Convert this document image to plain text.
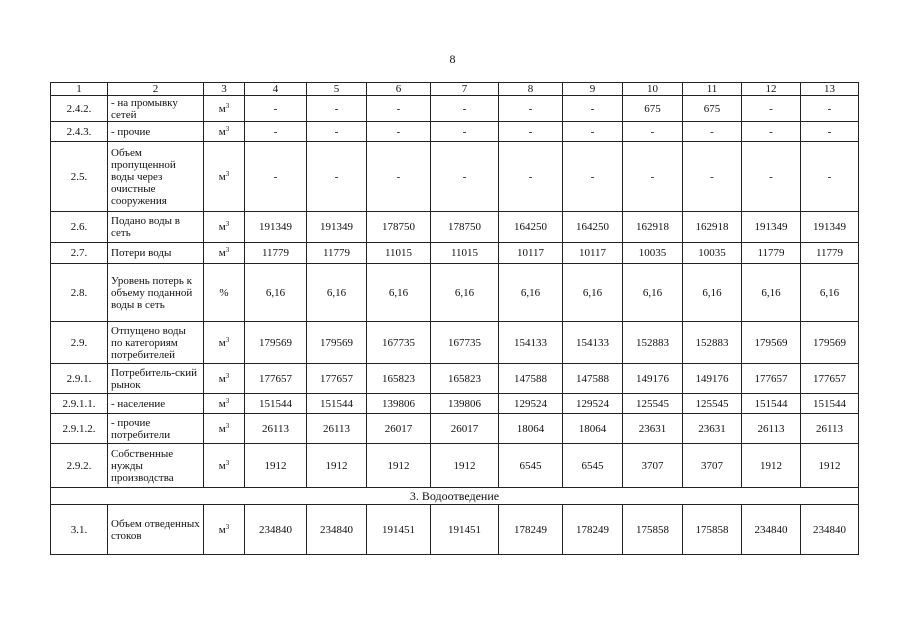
8
1	2	3	4	5	6	7	8	9	10	11	12	13
2.4.2.	- на промывку сетей	$м^3$	-	-	-	-	-	-	675	675	-	-
2.4.3.	- прочие	$м^3$	-	-	-	-	-	-	-	-	-	-
2.5.	Объем пропущенной воды через очистные сооружения	$м^3$	-	-	-	-	-	-	-	-	-	-
2.6.	Подано воды в сеть	$м^3$	191349	191349	178750	178750	164250	164250	162918	162918	191349	191349
2.7.	Потери воды	$м^3$	11779	11779	11015	11015	10117	10117	10035	10035	11779	11779
2.8.	Уровень потерь к объему поданной воды в сеть	%	6,16	6,16	6,16	6,16	6,16	6,16	6,16	6,16	6,16	6,16
2.9.	Отпущено воды по категориям потребителей	$м^3$	179569	179569	167735	167735	154133	154133	152883	152883	179569	179569
2.9.1.	Потребитель-ский рынок	$м^3$	177657	177657	165823	165823	147588	147588	149176	149176	177657	177657
2.9.1.1.	- население	$м^3$	151544	151544	139806	139806	129524	129524	125545	125545	151544	151544
2.9.1.2.	- прочие потребители	$м^3$	26113	26113	26017	26017	18064	18064	23631	23631	26113	26113
2.9.2.	Собственные нужды производства	$м^3$	1912	1912	1912	1912	6545	6545	3707	3707	1912	1912
3. Водоотведение												
3.1.	Объем отведенных стоков	$м^3$	234840	234840	191451	191451	178249	178249	175858	175858	234840	234840
